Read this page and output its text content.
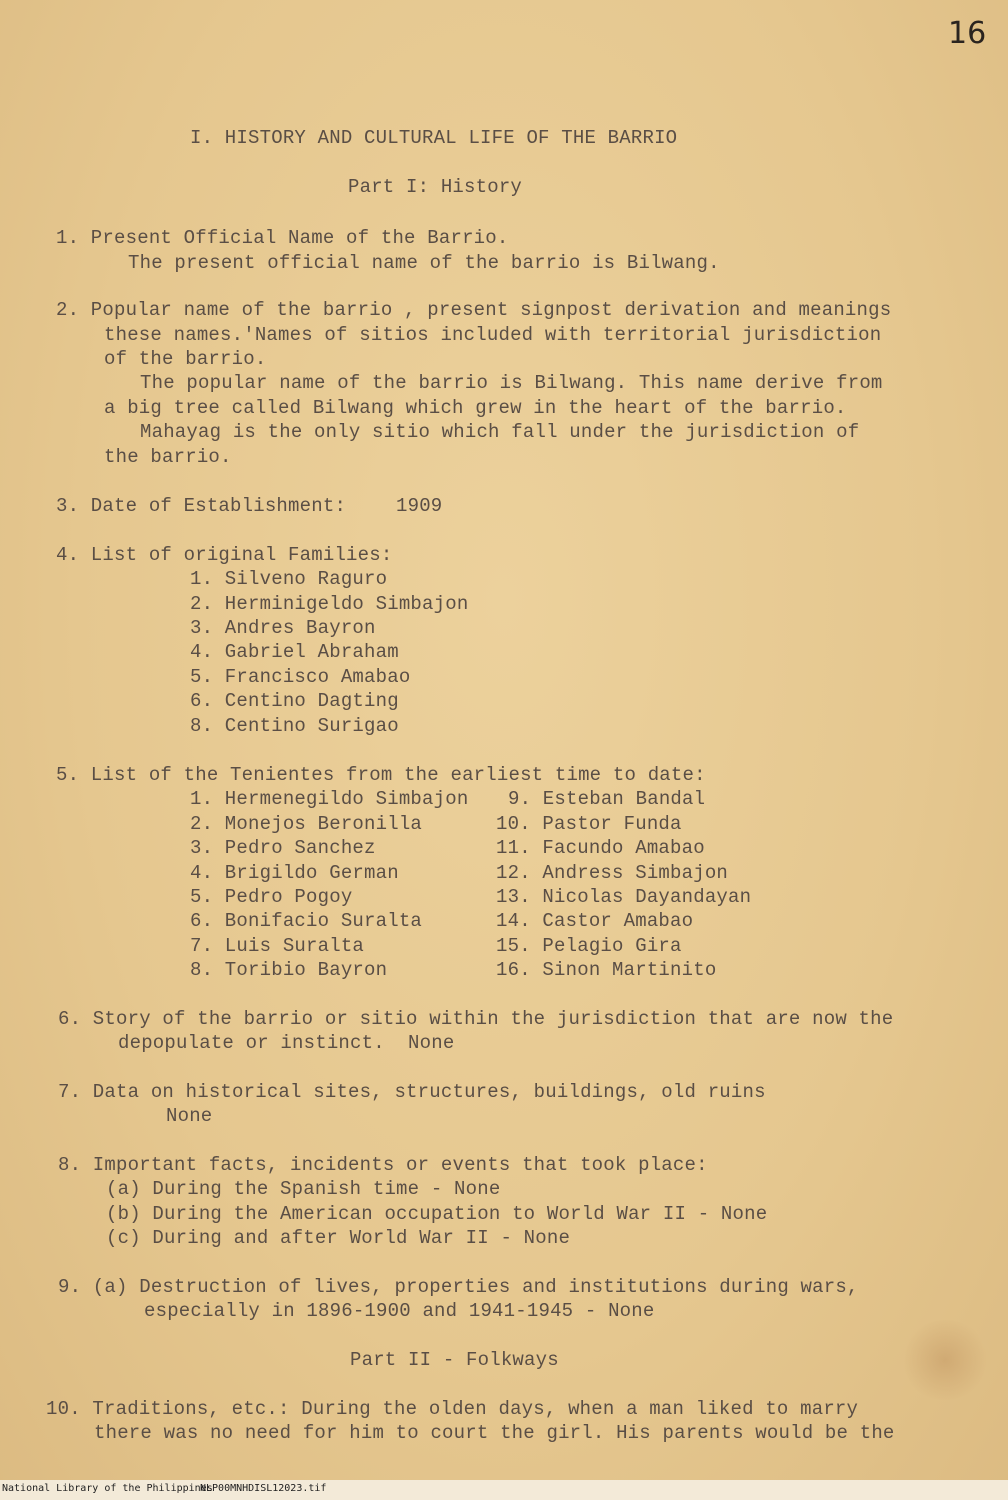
16
I. HISTORY AND CULTURAL LIFE OF THE BARRIO
Part I: History
1. Present Official Name of the Barrio.
The present official name of the barrio is Bilwang.
2. Popular name of the barrio , present signpost derivation and meanings
these names.'Names of sitios included with territorial jurisdiction
of the barrio.
The popular name of the barrio is Bilwang. This name derive from
a big tree called Bilwang which grew in the heart of the barrio.
Mahayag is the only sitio which fall under the jurisdiction of
the barrio.
3. Date of Establishment:	1909
4. List of original Families:
1. Silveno Raguro
2. Herminigeldo Simbajon
3. Andres Bayron
4. Gabriel Abraham
5. Francisco Amabao
6. Centino Dagting
8. Centino Surigao
5. List of the Tenientes from the earliest time to date:
1. Hermenegildo Simbajon
2. Monejos Beronilla
3. Pedro Sanchez
4. Brigildo German
5. Pedro Pogoy
6. Bonifacio Suralta
7. Luis Suralta
8. Toribio Bayron
9. Esteban Bandal
10. Pastor Funda
11. Facundo Amabao
12. Andress Simbajon
13. Nicolas Dayandayan
14. Castor Amabao
15. Pelagio Gira
16. Sinon Martinito
6. Story of the barrio or sitio within the jurisdiction that are now the
depopulate or instinct.  None
7. Data on historical sites, structures, buildings, old ruins
None
8. Important facts, incidents or events that took place:
(a) During the Spanish time - None
(b) During the American occupation to World War II - None
(c) During and after World War II - None
9. (a) Destruction of lives, properties and institutions during wars,
especially in 1896-1900 and 1941-1945 - None
Part II - Folkways
10. Traditions, etc.: During the olden days, when a man liked to marry
there was no need for him to court the girl. His parents would be the
National Library of the Philippines
NLP00MNHDISL12023.tif
